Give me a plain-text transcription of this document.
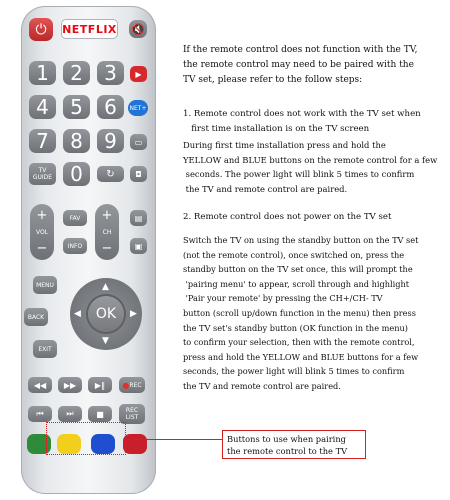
⏻ NETFLIX 🔇
1	2	3	▶
4	5	6	NET+
7	8	9	▭
TV
GUIDE 0	↻	◘
+
VOL
−
FAV	+
CH
−
▤
INFO	▣
MENU
BACK
EXIT
▲
▼
◀	▶
OK
◀◀ ▶▶ ▶‖ ● REC
⏮	⏭	■	REC
LIST
Buttons to use when pairing
the remote control to the TV
If the remote control does not function with the TV,
the remote control may need to be paired with the
TV set, please refer to the follow steps:
1. Remote control does not work with the TV set when
first time installation is on the TV screen
During first time installation press and hold the
YELLOW and BLUE buttons on the remote control for a few
seconds. The power light will blink 5 times to confirm
the TV and remote control are paired.
2. Remote control does not power on the TV set
Switch the TV on using the standby button on the TV set
(not the remote control), once switched on, press the
standby button on the TV set once, this will prompt the
'pairing menu' to appear, scroll through and highlight
'Pair your remote' by pressing the CH+/CH- TV
button (scroll up/down function in the menu) then press
the TV set's standby button (OK function in the menu)
to confirm your selection, then with the remote control,
press and hold the YELLOW and BLUE buttons for a few
seconds, the power light will blink 5 times to confirm
the TV and remote control are paired.
